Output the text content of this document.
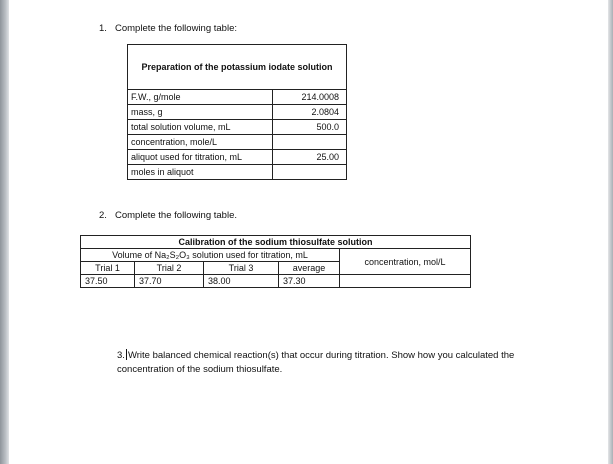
1. Complete the following table:
Preparation of the potassium iodate solution	
F.W., g/mole	214.0008
mass, g	2.0804
total solution volume, mL	500.0
concentration, mole/L	
aliquot used for titration, mL	25.00
moles in aliquot	
2. Complete the following table.
Calibration of the sodium thiosulfate solution				
Volume of Na₂S₂O₃ solution used for titration, mL				concentration, mol/L
Trial 1	Trial 2	Trial 3	average	
37.50	37.70	38.00	37.30	
3. Write balanced chemical reaction(s) that occur during titration. Show how you calculated the
concentration of the sodium thiosulfate.
